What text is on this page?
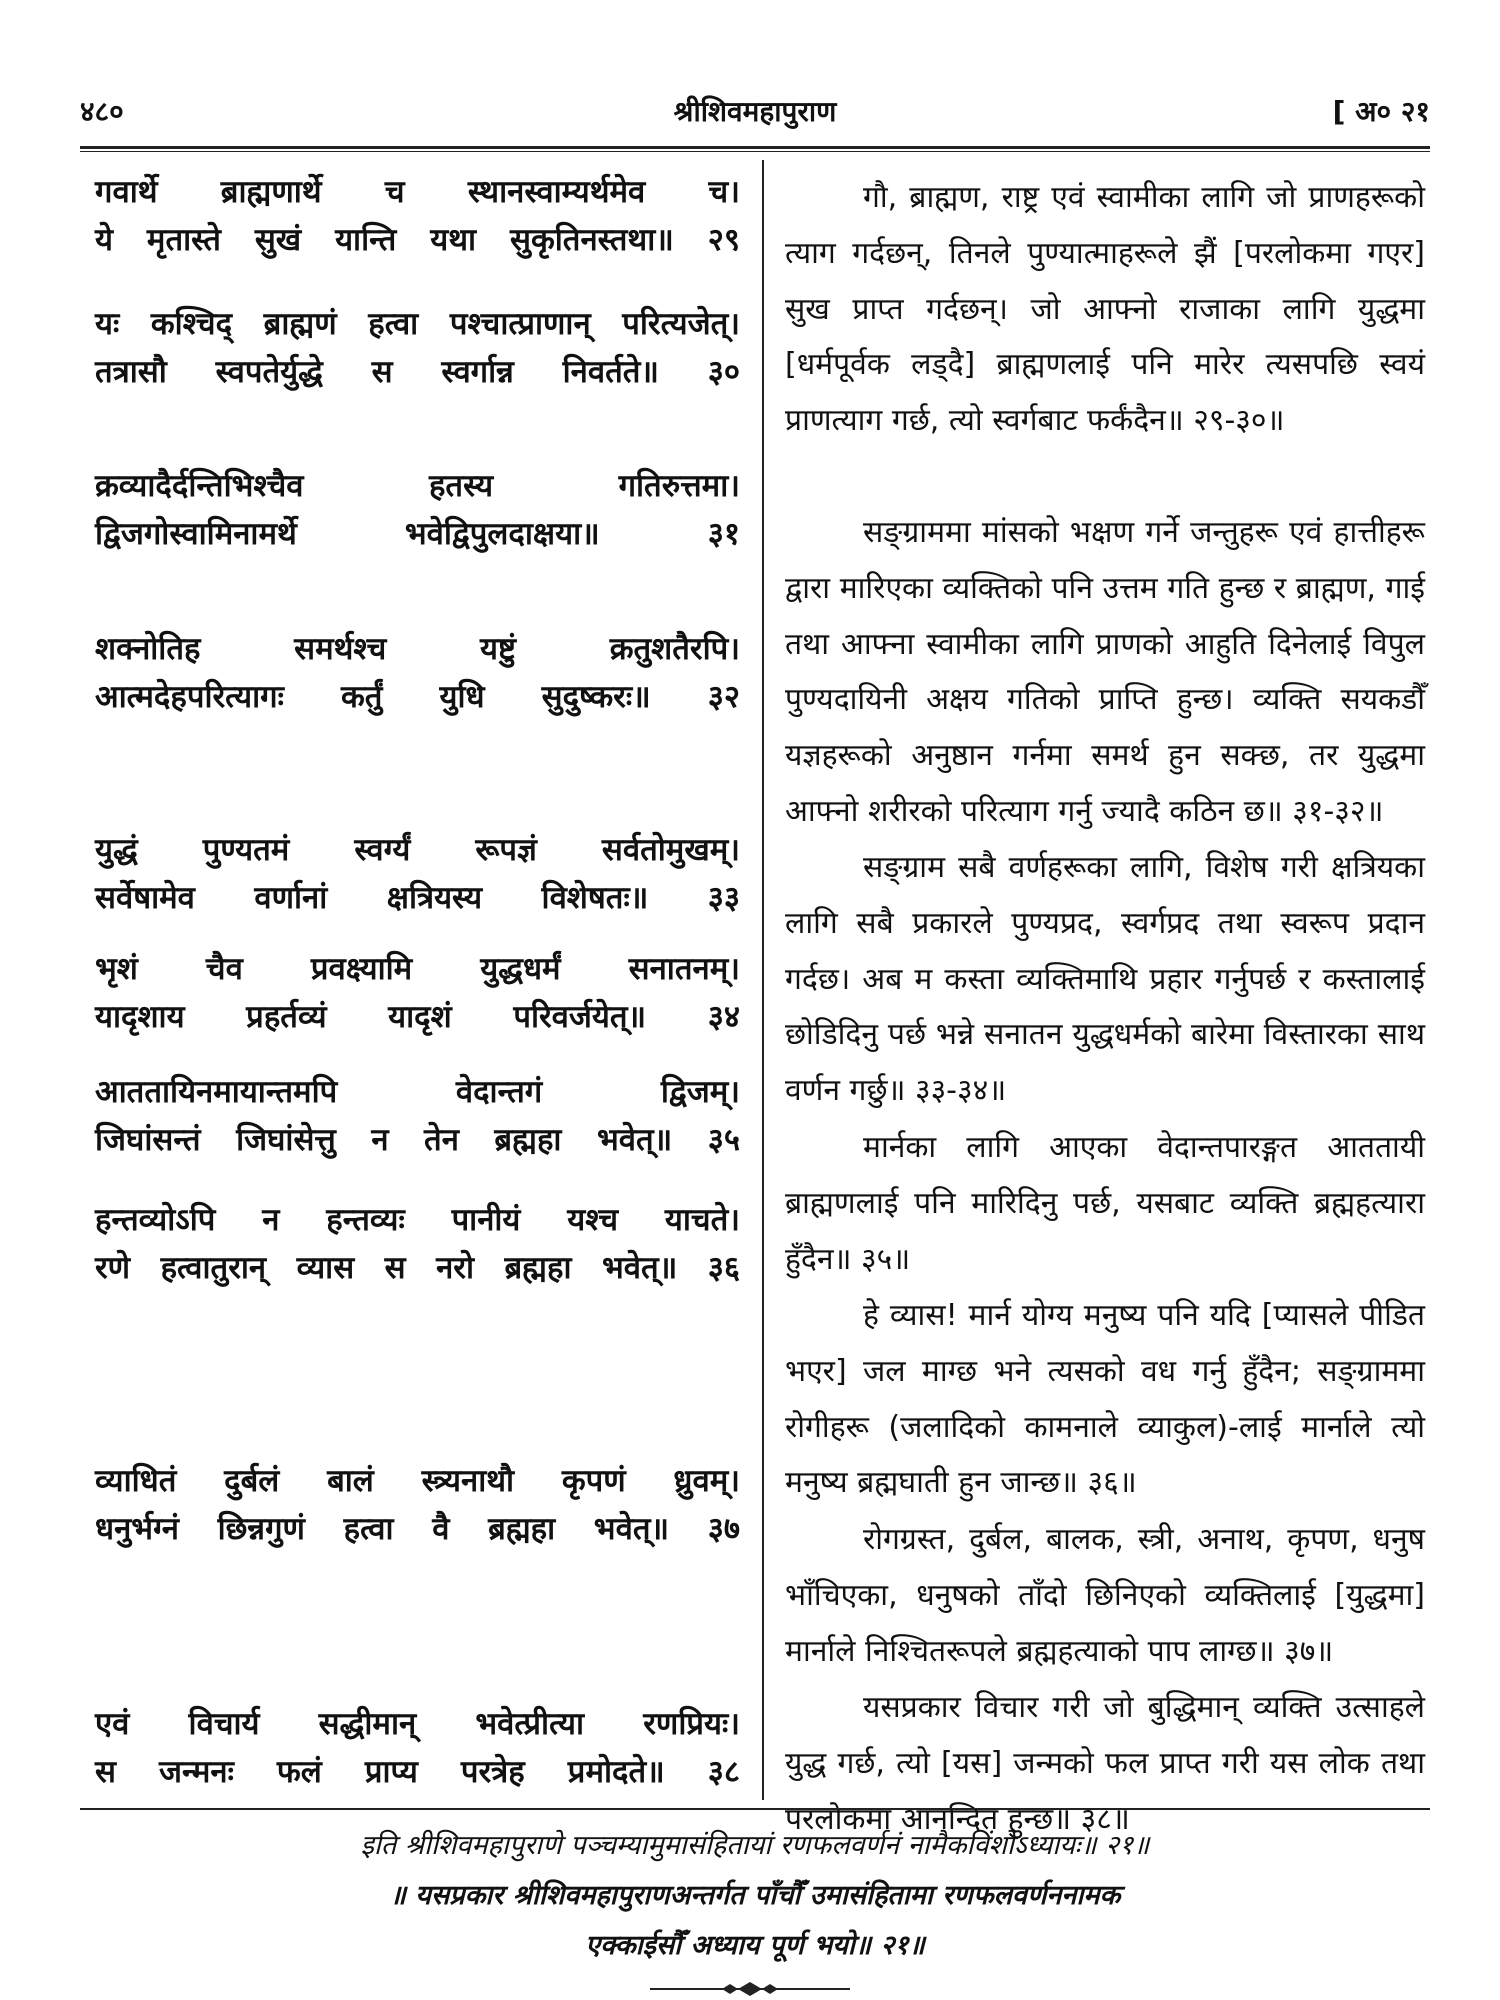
४८०	श्रीशिवमहापुराण	[ अ० २१
गवार्थे ब्राह्मणार्थे च स्थानस्वाम्यर्थमेव च।
ये मृतास्ते सुखं यान्ति यथा सुकृतिनस्तथा॥ २९
यः कश्चिद् ब्राह्मणं हत्वा पश्चात्प्राणान् परित्यजेत्।
तत्रासौ स्वपतेर्युद्धे स स्वर्गान्न निवर्तते॥ ३०
क्रव्यादैर्दन्तिभिश्चैव हतस्य गतिरुत्तमा।
द्विजगोस्वामिनामर्थे भवेद्विपुलदाक्षया॥ ३१
शक्नोतिह समर्थश्च यष्टुं क्रतुशतैरपि।
आत्मदेहपरित्यागः कर्तुं युधि सुदुष्करः॥ ३२
युद्धं पुण्यतमं स्वर्ग्यं रूपज्ञं सर्वतोमुखम्।
सर्वेषामेव वर्णानां क्षत्रियस्य विशेषतः॥ ३३
भृशं चैव प्रवक्ष्यामि युद्धधर्मं सनातनम्।
यादृशाय प्रहर्तव्यं यादृशं परिवर्जयेत्॥ ३४
आततायिनमायान्तमपि वेदान्तगं द्विजम्।
जिघांसन्तं जिघांसेत्तु न तेन ब्रह्महा भवेत्॥ ३५
हन्तव्योऽपि न हन्तव्यः पानीयं यश्च याचते।
रणे हत्वातुरान् व्यास स नरो ब्रह्महा भवेत्॥ ३६
व्याधितं दुर्बलं बालं स्त्र्यनाथौ कृपणं ध्रुवम्।
धनुर्भग्नं छिन्नगुणं हत्वा वै ब्रह्महा भवेत्॥ ३७
एवं विचार्य सद्धीमान् भवेत्प्रीत्या रणप्रियः।
स जन्मनः फलं प्राप्य परत्रेह प्रमोदते॥ ३८

गौ, ब्राह्मण, राष्ट्र एवं स्वामीका लागि जो प्राणहरूको त्याग गर्दछन्, तिनले पुण्यात्माहरूले झैं [परलोकमा गएर] सुख प्राप्त गर्दछन्। जो आफ्नो राजाका लागि युद्धमा [धर्मपूर्वक लड्दै] ब्राह्मणलाई पनि मारेर त्यसपछि स्वयं प्राणत्याग गर्छ, त्यो स्वर्गबाट फर्कंदैन॥ २९-३०॥

सङ्ग्राममा मांसको भक्षण गर्ने जन्तुहरू एवं हात्तीहरू द्वारा मारिएका व्यक्तिको पनि उत्तम गति हुन्छ र ब्राह्मण, गाई तथा आफ्ना स्वामीका लागि प्राणको आहुति दिनेलाई विपुल पुण्यदायिनी अक्षय गतिको प्राप्ति हुन्छ। व्यक्ति सयकडौँ यज्ञहरूको अनुष्ठान गर्नमा समर्थ हुन सक्छ, तर युद्धमा आफ्नो शरीरको परित्याग गर्नु ज्यादै कठिन छ॥ ३१-३२॥

सङ्ग्राम सबै वर्णहरूका लागि, विशेष गरी क्षत्रियका लागि सबै प्रकारले पुण्यप्रद, स्वर्गप्रद तथा स्वरूप प्रदान गर्दछ। अब म कस्ता व्यक्तिमाथि प्रहार गर्नुपर्छ र कस्तालाई छोडिदिनु पर्छ भन्ने सनातन युद्धधर्मको बारेमा विस्तारका साथ वर्णन गर्छु॥ ३३-३४॥

मार्नका लागि आएका वेदान्तपारङ्गत आततायी ब्राह्मणलाई पनि मारिदिनु पर्छ, यसबाट व्यक्ति ब्रह्महत्यारा हुँदैन॥ ३५॥

हे व्यास! मार्न योग्य मनुष्य पनि यदि [प्यासले पीडित भएर] जल माग्छ भने त्यसको वध गर्नु हुँदैन; सङ्ग्राममा रोगीहरू (जलादिको कामनाले व्याकुल)-लाई मार्नाले त्यो मनुष्य ब्रह्मघाती हुन जान्छ॥ ३६॥

रोगग्रस्त, दुर्बल, बालक, स्त्री, अनाथ, कृपण, धनुष भाँचिएका, धनुषको ताँदो छिनिएको व्यक्तिलाई [युद्धमा] मार्नाले निश्चितरूपले ब्रह्महत्याको पाप लाग्छ॥ ३७॥

यसप्रकार विचार गरी जो बुद्धिमान् व्यक्ति उत्साहले युद्ध गर्छ, त्यो [यस] जन्मको फल प्राप्त गरी यस लोक तथा परलोकमा आनन्दित हुन्छ॥ ३८॥

इति श्रीशिवमहापुराणे पञ्चम्यामुमासंहितायां रणफलवर्णनं नामैकविंशोऽध्यायः॥ २१॥
॥ यसप्रकार श्रीशिवमहापुराणअन्तर्गत पाँचौँ उमासंहितामा रणफलवर्णननामक
एक्काईसौँ अध्याय पूर्ण भयो॥ २१॥
